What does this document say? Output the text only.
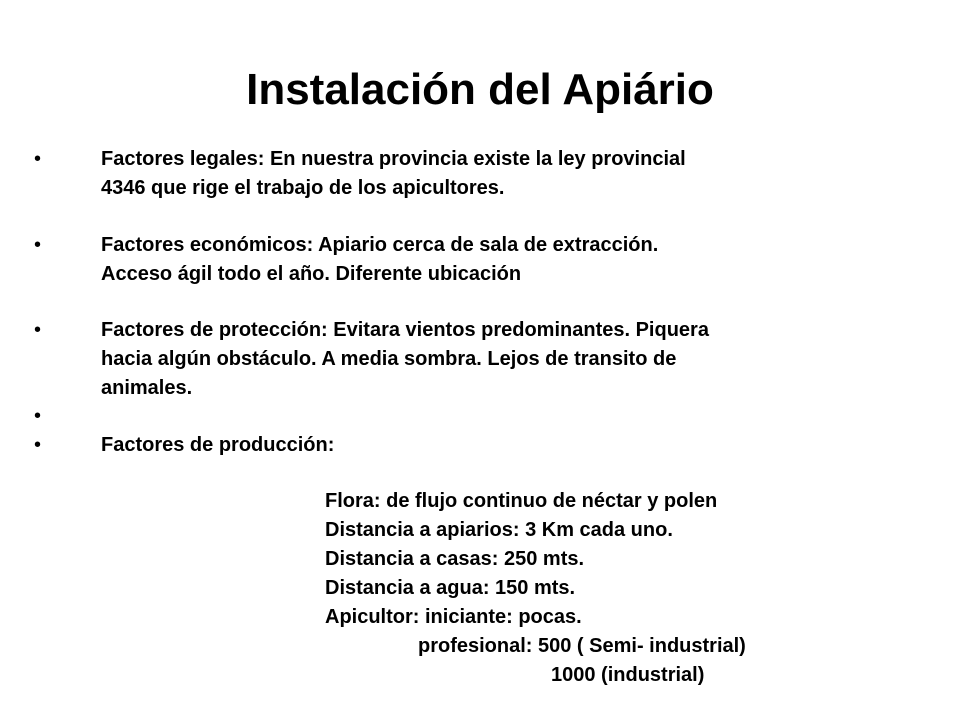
Instalación del Apiário
•	Factores legales: En nuestra provincia existe la ley provincial
4346 que rige el trabajo de los apicultores.
•	Factores económicos: Apiario cerca de sala de extracción.
Acceso ágil todo el año. Diferente ubicación
•	Factores de protección: Evitara vientos predominantes. Piquera
hacia algún obstáculo. A media sombra. Lejos de transito de
animales.
•
•	Factores de producción:
Flora: de flujo continuo de néctar y polen
Distancia a apiarios: 3 Km cada uno.
Distancia a casas: 250 mts.
Distancia a agua: 150 mts.
Apicultor: iniciante: pocas.
profesional: 500 ( Semi- industrial)
1000 (industrial)
